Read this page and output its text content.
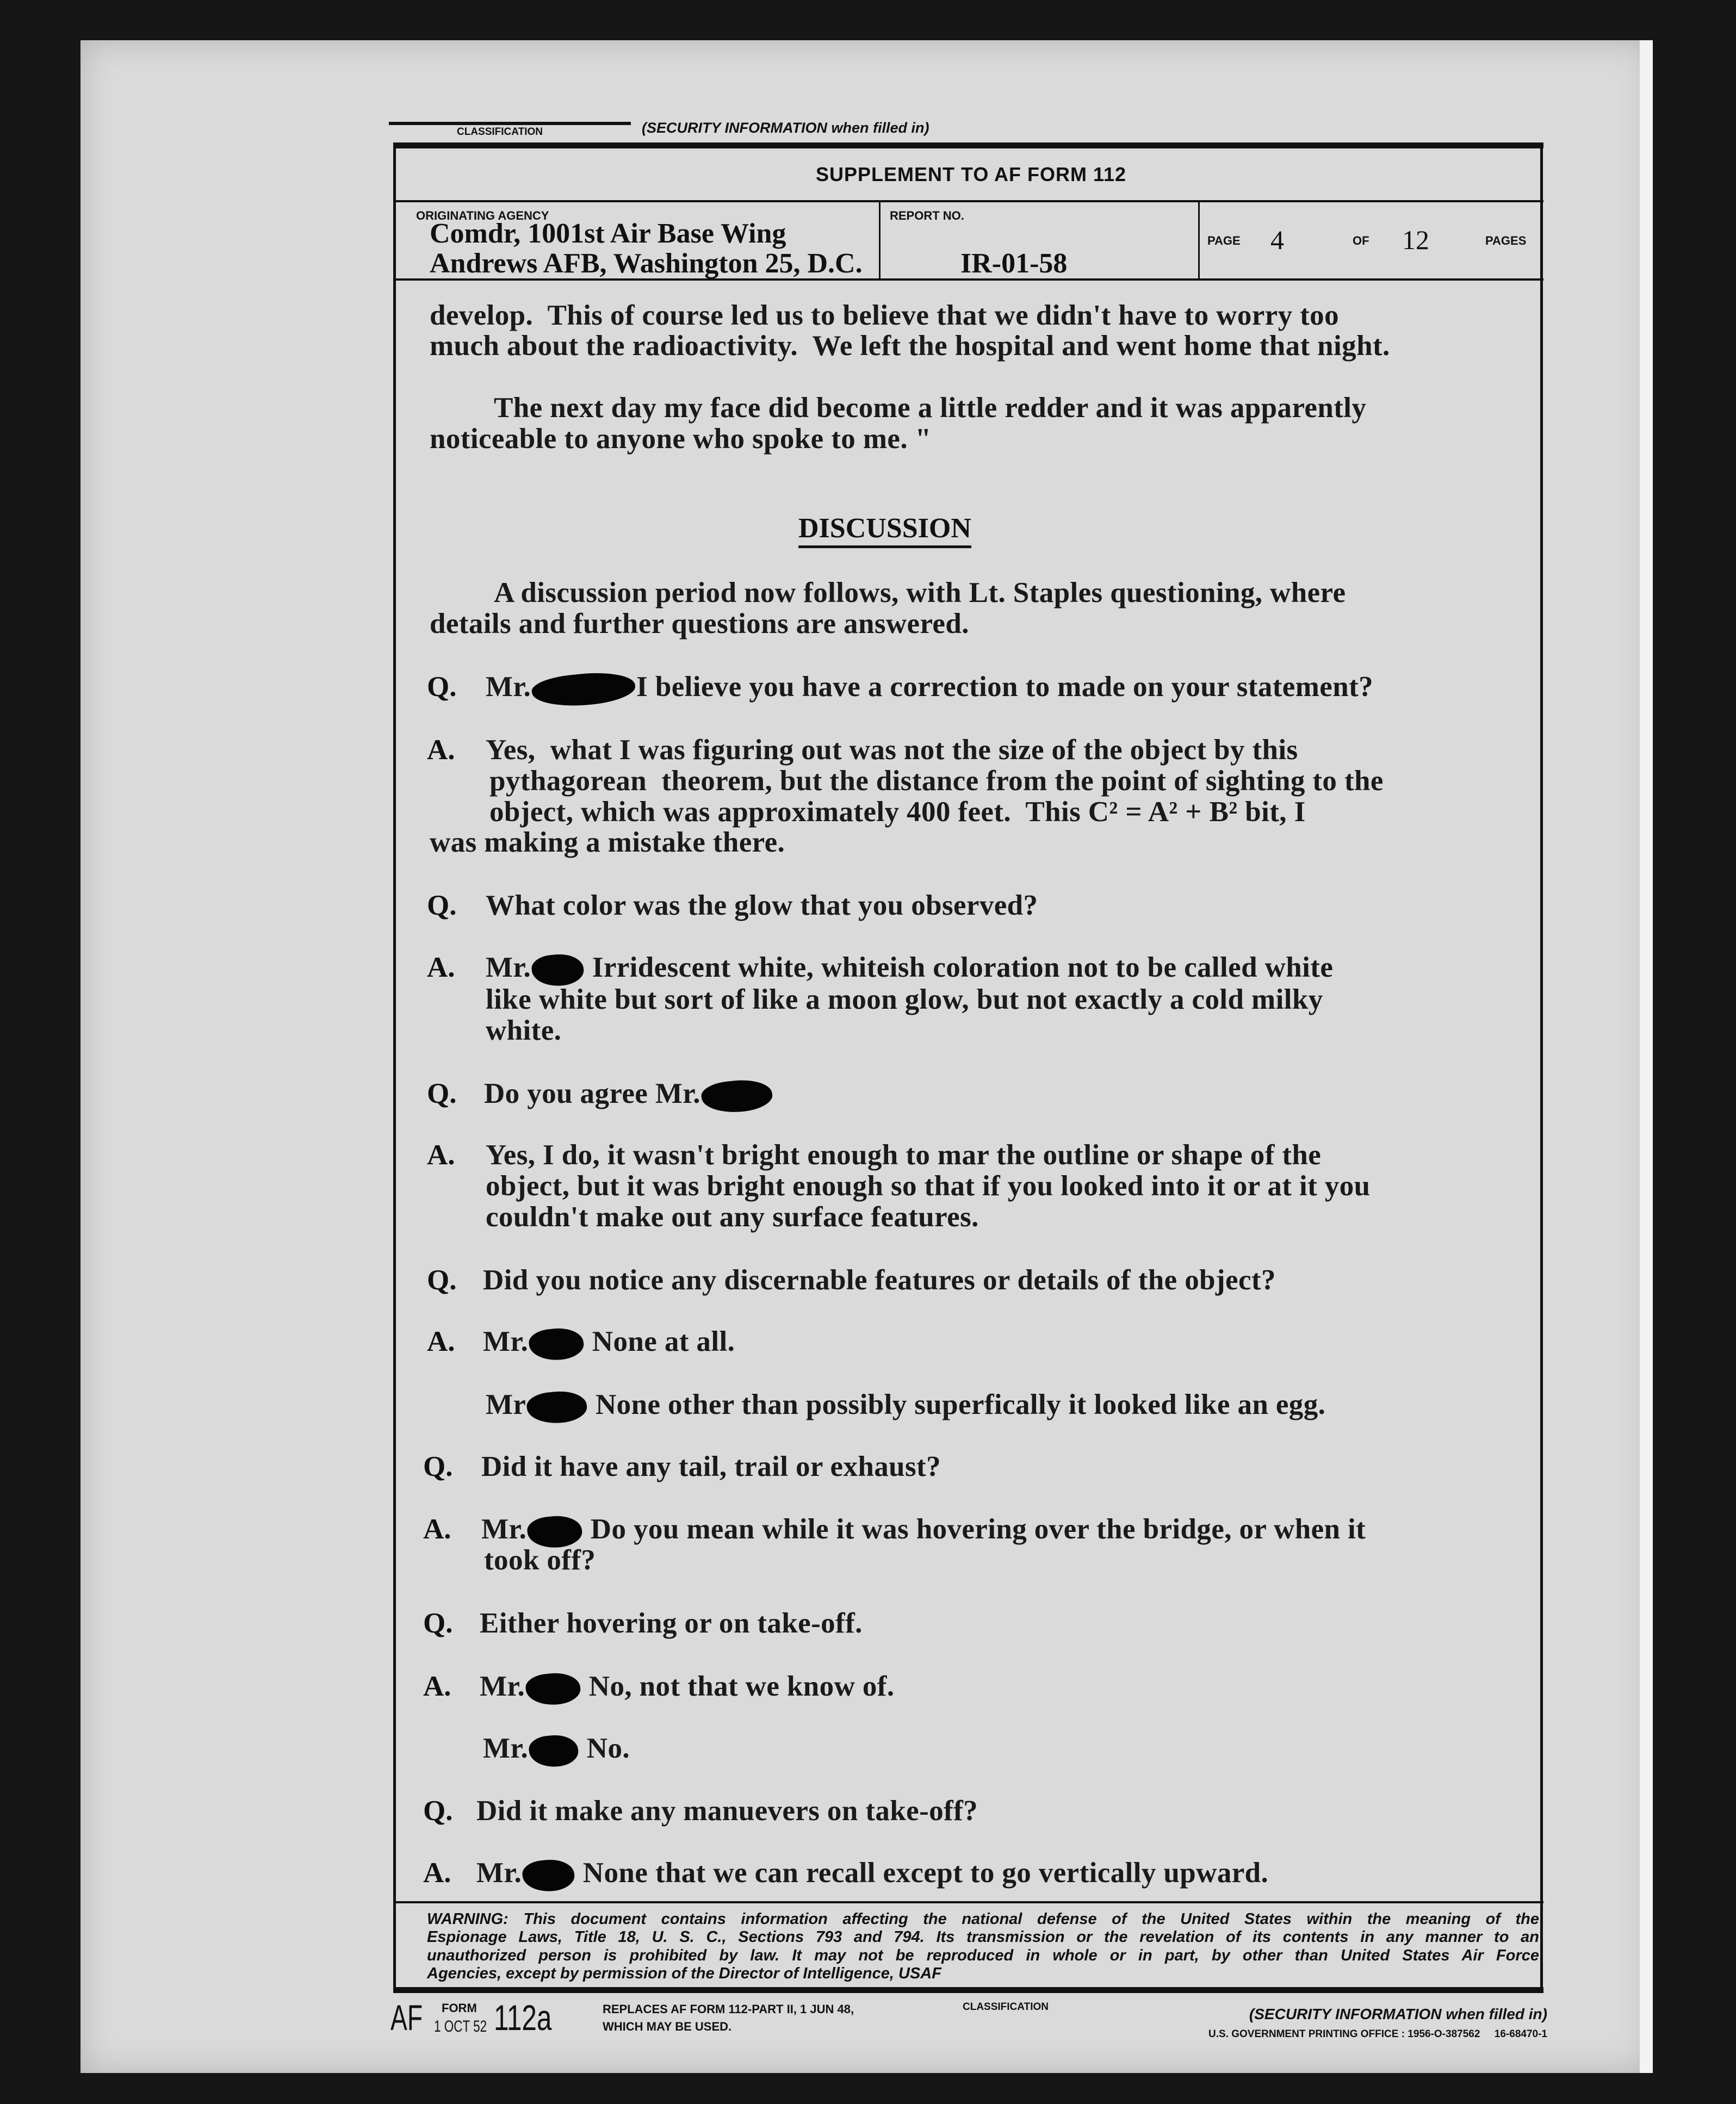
CLASSIFICATION	(SECURITY INFORMATION when filled in)
SUPPLEMENT TO AF FORM 112
ORIGINATING AGENCY
Comdr, 1001st Air Base Wing
Andrews AFB, Washington 25, D.C.
REPORT NO.
IR-01-58
PAGE 4	OF 12	PAGES
DISCUSSION
WARNING: This document contains information affecting the national defense of the United States within the meaning of the
Espionage Laws, Title 18, U. S. C., Sections 793 and 794. Its transmission or the revelation of its contents in any manner to an
unauthorized person is prohibited by law. It may not be reproduced in whole or in part, by other than United States Air Force
Agencies, except by permission of the Director of Intelligence, USAF
AF FORM
1 OCT 52 112a	REPLACES AF FORM 112-PART II, 1 JUN 48,
WHICH MAY BE USED.
CLASSIFICATION	(SECURITY INFORMATION when filled in)
U.S. GOVERNMENT PRINTING OFFICE : 1956-O-387562     16-68470-1
develop.  This of course led us to believe that we didn't have to worry too
much about the radioactivity.  We left the hospital and went home that night.
The next day my face did become a little redder and it was apparently
noticeable to anyone who spoke to me. "
A discussion period now follows, with Lt. Staples questioning, where
details and further questions are answered.
Q. Mr.	I believe you have a correction to made on your statement?
A. Yes,  what I was figuring out was not the size of the object by this
pythagorean  theorem, but the distance from the point of sighting to the
object, which was approximately 400 feet.  This C² = A² + B² bit, I
was making a mistake there.
Q. What color was the glow that you observed?
A. Mr. Irridescent white, whiteish coloration not to be called white
like white but sort of like a moon glow, but not exactly a cold milky
white.
Q. Do you agree Mr.
A. Yes, I do, it wasn't bright enough to mar the outline or shape of the
object, but it was bright enough so that if you looked into it or at it you
couldn't make out any surface features.
Q. Did you notice any discernable features or details of the object?
A. Mr. None at all.
Mr None other than possibly superfically it looked like an egg.
Q. Did it have any tail, trail or exhaust?
A. Mr. Do you mean while it was hovering over the bridge, or when it
took off?
Q. Either hovering or on take-off.
A. Mr. No, not that we know of.
Mr. No.
Q. Did it make any manuevers on take-off?
A. Mr. None that we can recall except to go vertically upward.
